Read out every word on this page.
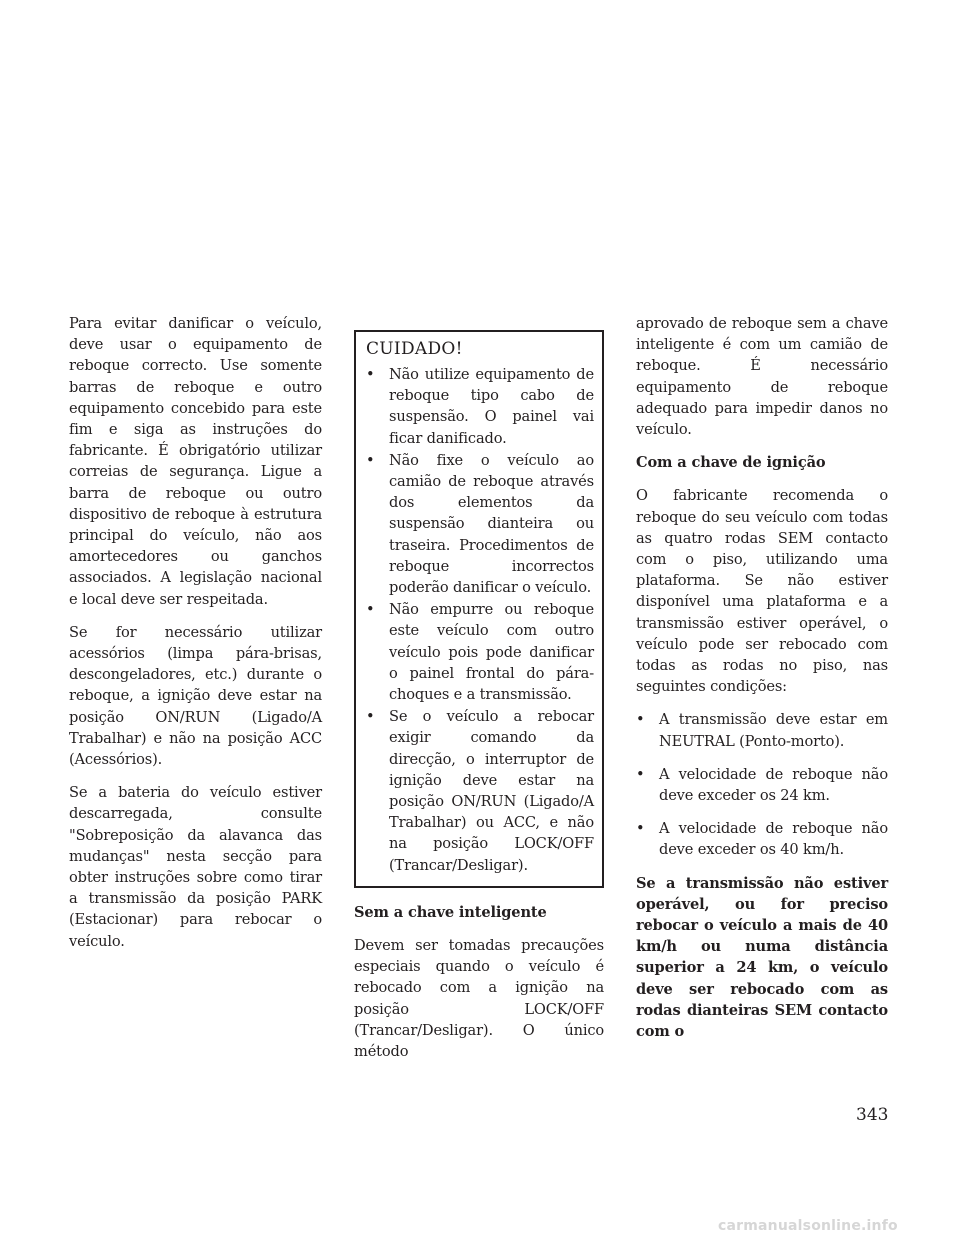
Para evitar danificar o veículo, deve usar o equipamento de reboque correcto. Use somente barras de reboque e outro equipamento concebido para este fim e siga as instruções do fabricante. É obrigatório utilizar correias de segurança. Ligue a barra de reboque ou outro dispositivo de reboque à estrutura principal do veículo, não aos amortecedores ou ganchos associados. A legislação nacional e local deve ser respeitada.

Se for necessário utilizar acessórios (limpa pára-brisas, descongeladores, etc.) durante o reboque, a ignição deve estar na posição ON/RUN (Ligado/A Trabalhar) e não na posição ACC (Acessórios).

Se a bateria do veículo estiver descarregada, consulte "Sobreposição da alavanca das mudanças" nesta secção para obter instruções sobre como tirar a transmissão da posição PARK (Estacionar) para rebocar o veículo.

CUIDADO!
• Não utilize equipamento de reboque tipo cabo de suspensão. O painel vai ficar danificado.
• Não fixe o veículo ao camião de reboque através dos elementos da suspensão dianteira ou traseira. Procedimentos de reboque incorrectos poderão danificar o veículo.
• Não empurre ou reboque este veículo com outro veículo pois pode danificar o painel frontal do pára-choques e a transmissão.
• Se o veículo a rebocar exigir comando da direcção, o interruptor de ignição deve estar na posição ON/RUN (Ligado/A Trabalhar) ou ACC, e não na posição LOCK/OFF (Trancar/Desligar).

Sem a chave inteligente

Devem ser tomadas precauções especiais quando o veículo é rebocado com a ignição na posição LOCK/OFF (Trancar/Desligar). O único método

aprovado de reboque sem a chave inteligente é com um camião de reboque. É necessário equipamento de reboque adequado para impedir danos no veículo.

Com a chave de ignição

O fabricante recomenda o reboque do seu veículo com todas as quatro rodas SEM contacto com o piso, utilizando uma plataforma. Se não estiver disponível uma plataforma e a transmissão estiver operável, o veículo pode ser rebocado com todas as rodas no piso, nas seguintes condições:

• A transmissão deve estar em NEUTRAL (Ponto-morto).
• A velocidade de reboque não deve exceder os 24 km.
• A velocidade de reboque não deve exceder os 40 km/h.

Se a transmissão não estiver operável, ou for preciso rebocar o veículo a mais de 40 km/h ou numa distância superior a 24 km, o veículo deve ser rebocado com as rodas dianteiras SEM contacto com o

343
carmanualsonline.info
